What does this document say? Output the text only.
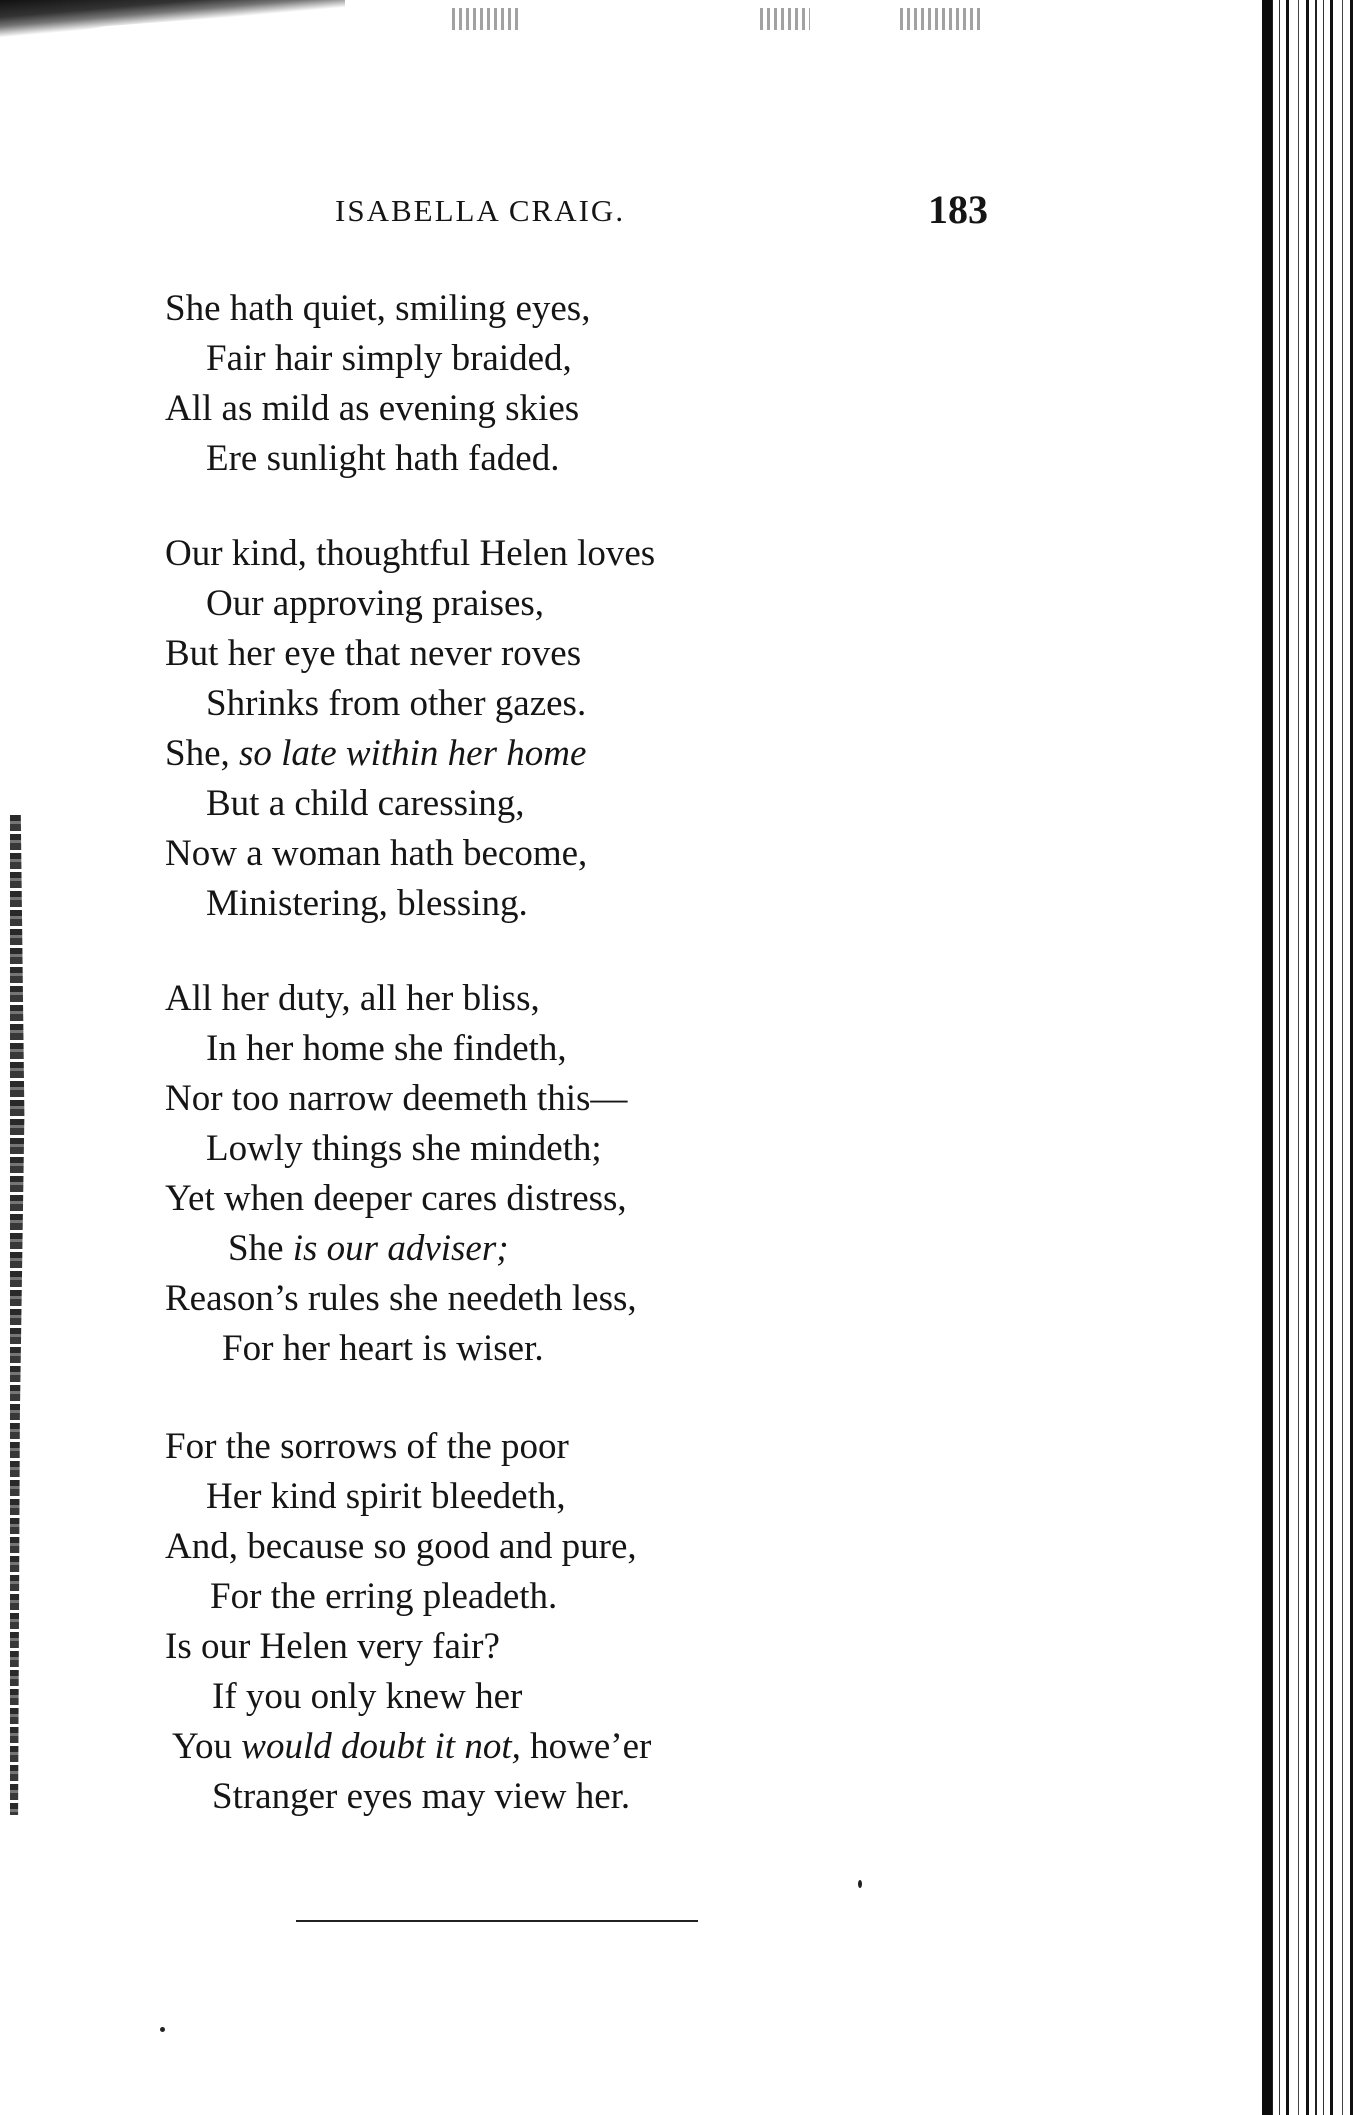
ISABELLA CRAIG.	183
She hath quiet, smiling eyes,
Fair hair simply braided,
All as mild as evening skies
Ere sunlight hath faded.
Our kind, thoughtful Helen loves
Our approving praises,
But her eye that never roves
Shrinks from other gazes.
She, so late within her home
But a child caressing,
Now a woman hath become,
Ministering, blessing.
All her duty, all her bliss,
In her home she findeth,
Nor too narrow deemeth this—
Lowly things she mindeth;
Yet when deeper cares distress,
She is our adviser;
Reason’s rules she needeth less,
For her heart is wiser.
For the sorrows of the poor
Her kind spirit bleedeth,
And, because so good and pure,
For the erring pleadeth.
Is our Helen very fair?
If you only knew her
You would doubt it not, howe’er
Stranger eyes may view her.
